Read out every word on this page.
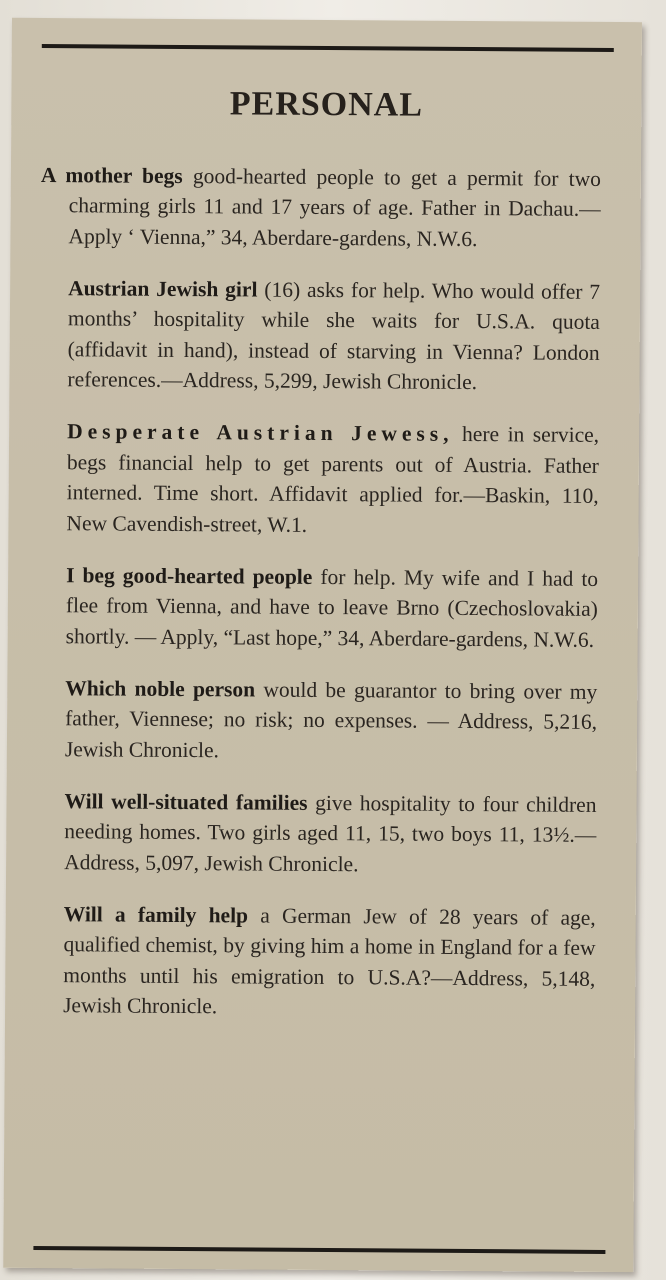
PERSONAL

A mother begs good-hearted people to get a permit for two charming girls 11 and 17 years of age. Father in Dachau.—Apply ‘ Vienna,” 34, Aberdare-gardens, N.W.6.

Austrian Jewish girl (16) asks for help. Who would offer 7 months’ hospitality while she waits for U.S.A. quota (affidavit in hand), instead of starving in Vienna? London references.—Address, 5,299, Jewish Chronicle.

Desperate Austrian Jewess, here in service, begs financial help to get parents out of Austria. Father interned. Time short. Affidavit applied for.—Baskin, 110, New Cavendish-street, W.1.

I beg good-hearted people for help. My wife and I had to flee from Vienna, and have to leave Brno (Czechoslovakia) shortly. — Apply, “Last hope,” 34, Aberdare-gardens, N.W.6.

Which noble person would be guarantor to bring over my father, Viennese; no risk; no expenses. — Address, 5,216, Jewish Chronicle.

Will well-situated families give hospitality to four children needing homes. Two girls aged 11, 15, two boys 11, 13½.—Address, 5,097, Jewish Chronicle.

Will a family help a German Jew of 28 years of age, qualified chemist, by giving him a home in England for a few months until his emigration to U.S.A?—Address, 5,148, Jewish Chronicle.
